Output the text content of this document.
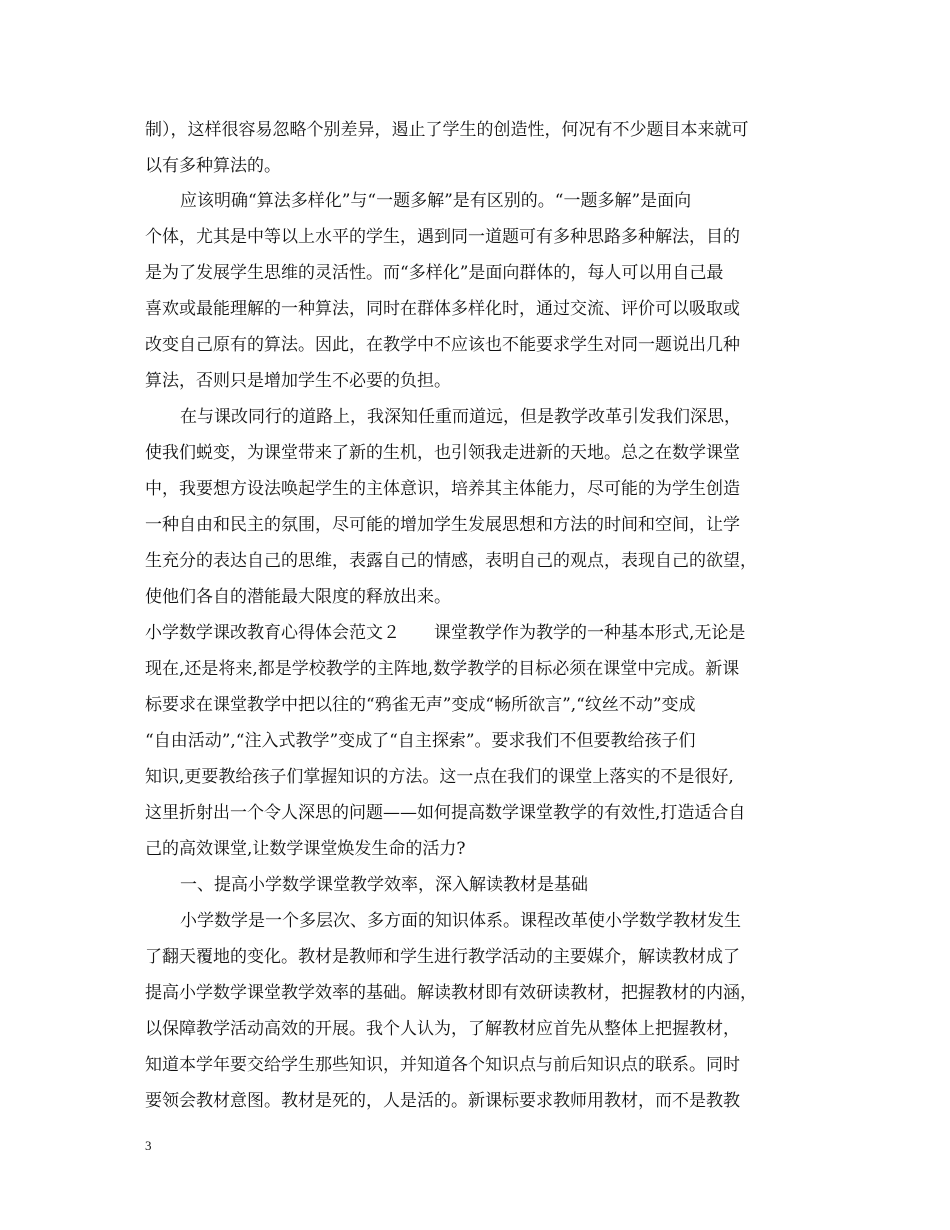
制），这样很容易忽略个别差异，遏止了学生的创造性，何况有不少题目本来就可
以有多种算法的。
应该明确“算法多样化”与“一题多解”是有区别的。“一题多解”是面向
个体，尤其是中等以上水平的学生，遇到同一道题可有多种思路多种解法，目的
是为了发展学生思维的灵活性。而“多样化”是面向群体的，每人可以用自己最
喜欢或最能理解的一种算法，同时在群体多样化时，通过交流、评价可以吸取或
改变自己原有的算法。因此，在教学中不应该也不能要求学生对同一题说出几种
算法，否则只是增加学生不必要的负担。
在与课改同行的道路上，我深知任重而道远，但是教学改革引发我们深思，
使我们蜕变，为课堂带来了新的生机，也引领我走进新的天地。总之在数学课堂
中，我要想方设法唤起学生的主体意识，培养其主体能力，尽可能的为学生创造
一种自由和民主的氛围，尽可能的增加学生发展思想和方法的时间和空间，让学
生充分的表达自己的思维，表露自己的情感，表明自己的观点，表现自己的欲望，
使他们各自的潜能最大限度的释放出来。
小学数学课改教育心得体会范文２　　课堂教学作为教学的一种基本形式,无论是
现在,还是将来,都是学校教学的主阵地,数学教学的目标必须在课堂中完成。新课
标要求在课堂教学中把以往的“鸦雀无声”变成“畅所欲言”,“纹丝不动”变成
“自由活动”,“注入式教学”变成了“自主探索”。要求我们不但要教给孩子们
知识,更要教给孩子们掌握知识的方法。这一点在我们的课堂上落实的不是很好,
这里折射出一个令人深思的问题——如何提高数学课堂教学的有效性,打造适合自
己的高效课堂,让数学课堂焕发生命的活力?
一、提高小学数学课堂教学效率，深入解读教材是基础
小学数学是一个多层次、多方面的知识体系。课程改革使小学数学教材发生
了翻天覆地的变化。教材是教师和学生进行教学活动的主要媒介，解读教材成了
提高小学数学课堂教学效率的基础。解读教材即有效研读教材，把握教材的内涵，
以保障教学活动高效的开展。我个人认为，了解教材应首先从整体上把握教材，
知道本学年要交给学生那些知识，并知道各个知识点与前后知识点的联系。同时
要领会教材意图。教材是死的，人是活的。新课标要求教师用教材，而不是教教
3
